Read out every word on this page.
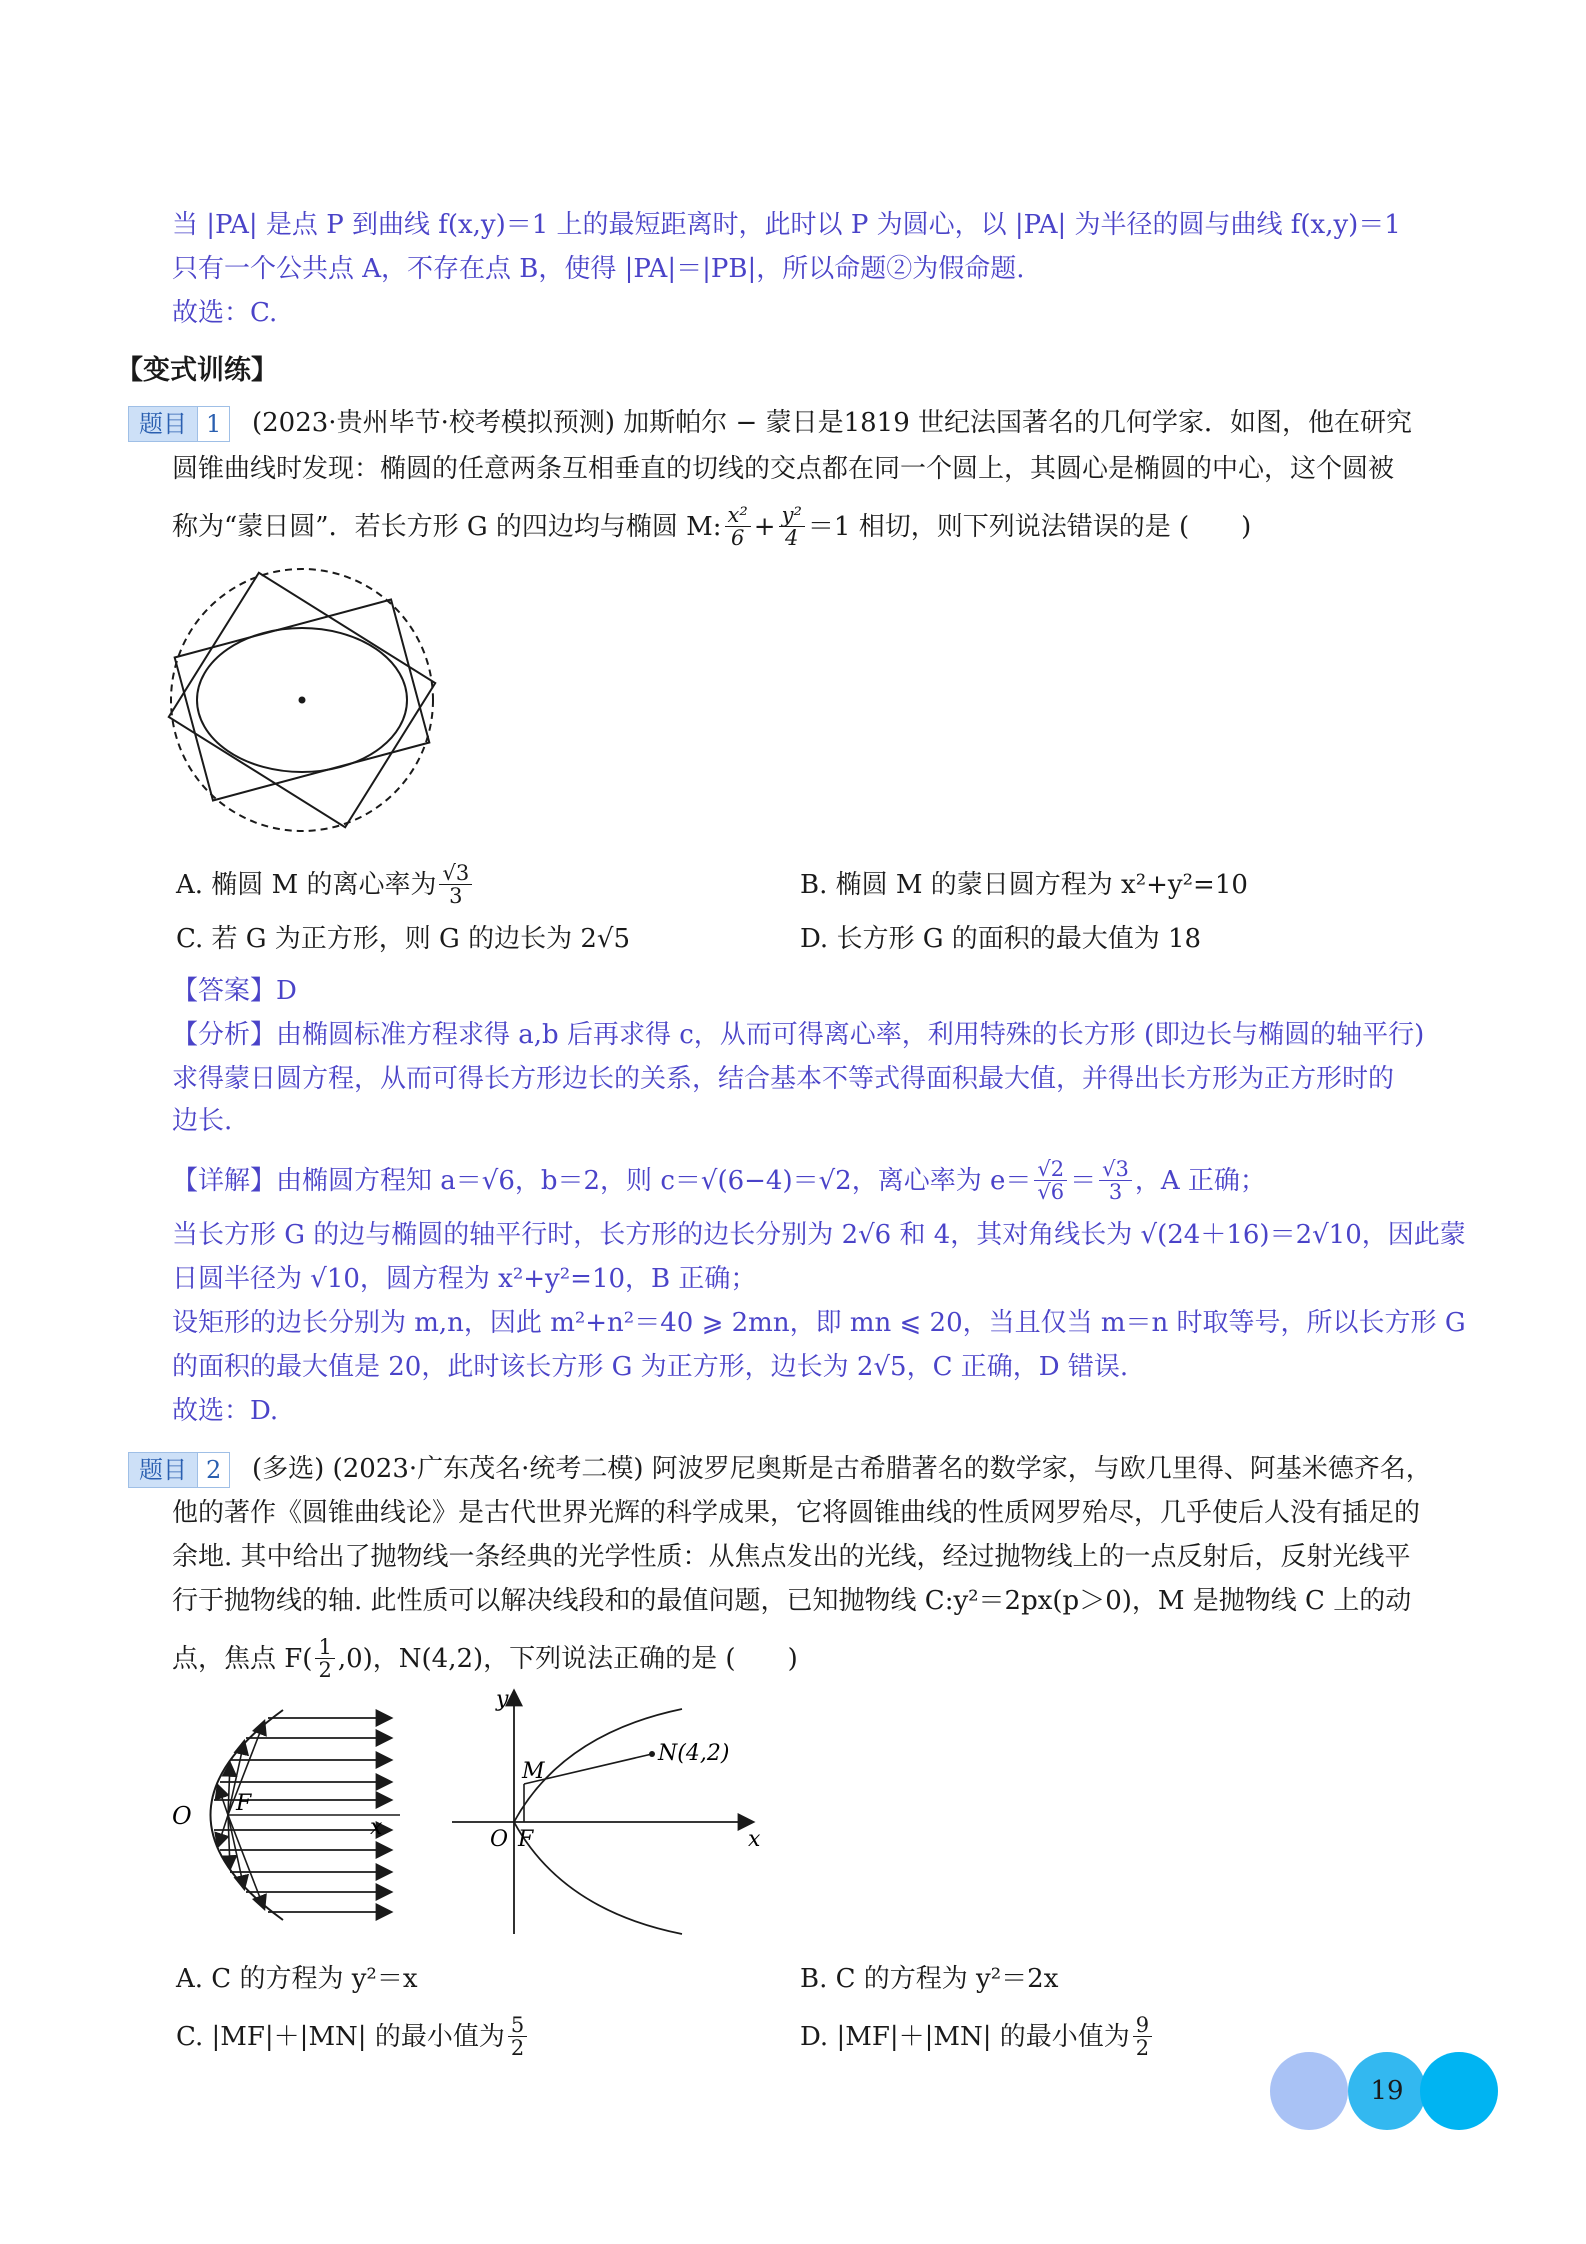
当 |PA| 是点 P 到曲线 f(x,y)＝1 上的最短距离时，此时以 P 为圆心，以 |PA| 为半径的圆与曲线 f(x,y)＝1
只有一个公共点 A，不存在点 B，使得 |PA|＝|PB|，所以命题②为假命题.
故选：C.
【变式训练】
题目 1	(2023·贵州毕节·校考模拟预测) 加斯帕尔 − 蒙日是1819 世纪法国著名的几何学家．如图，他在研究
圆锥曲线时发现：椭圆的任意两条互相垂直的切线的交点都在同一个圆上，其圆心是椭圆的中心，这个圆被
称为“蒙日圆”．若长方形 G 的四边均与椭圆 M: $\frac{\text{x²}}{6} + \frac{\text{y²}}{4} =1$ 相切，则下列说法错误的是 (　　)
A. 椭圆 M 的离心率为 $\frac{√3}{3}$	B. 椭圆 M 的蒙日圆方程为 x²+y²=10
C. 若 G 为正方形，则 G 的边长为 2√5	D. 长方形 G 的面积的最大值为 18
【答案】D
【分析】由椭圆标准方程求得 a,b 后再求得 c，从而可得离心率，利用特殊的长方形 (即边长与椭圆的轴平行)
求得蒙日圆方程，从而可得长方形边长的关系，结合基本不等式得面积最大值，并得出长方形为正方形时的
边长.
【详解】由椭圆方程知 a＝√6，b＝2，则 c＝√(6−4)＝√2，离心率为 $e= \frac{√2}{√6} = \frac{√3}{3}$ ，A 正确；
当长方形 G 的边与椭圆的轴平行时，长方形的边长分别为 2√6 和 4，其对角线长为 √(24＋16)＝2√10，因此蒙
日圆半径为 √10，圆方程为 x²+y²=10，B 正确；
设矩形的边长分别为 m,n，因此 m²+n²＝40 ⩾ 2mn，即 mn ⩽ 20，当且仅当 m＝n 时取等号，所以长方形 G
的面积的最大值是 20，此时该长方形 G 为正方形，边长为 2√5，C 正确，D 错误.
故选：D.
题目 2	(多选) (2023·广东茂名·统考二模) 阿波罗尼奥斯是古希腊著名的数学家，与欧几里得、阿基米德齐名，
他的著作《圆锥曲线论》是古代世界光辉的科学成果，它将圆锥曲线的性质网罗殆尽，几乎使后人没有插足的
余地. 其中给出了抛物线一条经典的光学性质：从焦点发出的光线，经过抛物线上的一点反射后，反射光线平
行于抛物线的轴. 此性质可以解决线段和的最值问题，已知抛物线 C:y²＝2px(p＞0)，M 是抛物线 C 上的动
点，焦点 $F( \frac{1}{2} ,0)$，N(4,2)，下列说法正确的是 (　　)
O F
x
y
M
N(4,2)
O F	x
A. C 的方程为 y²＝x	B. C 的方程为 y²＝2x
C. |MF|＋|MN| 的最小值为 $\frac{5}{2}$	D. |MF|＋|MN| 的最小值为 $\frac{9}{2}$
19
